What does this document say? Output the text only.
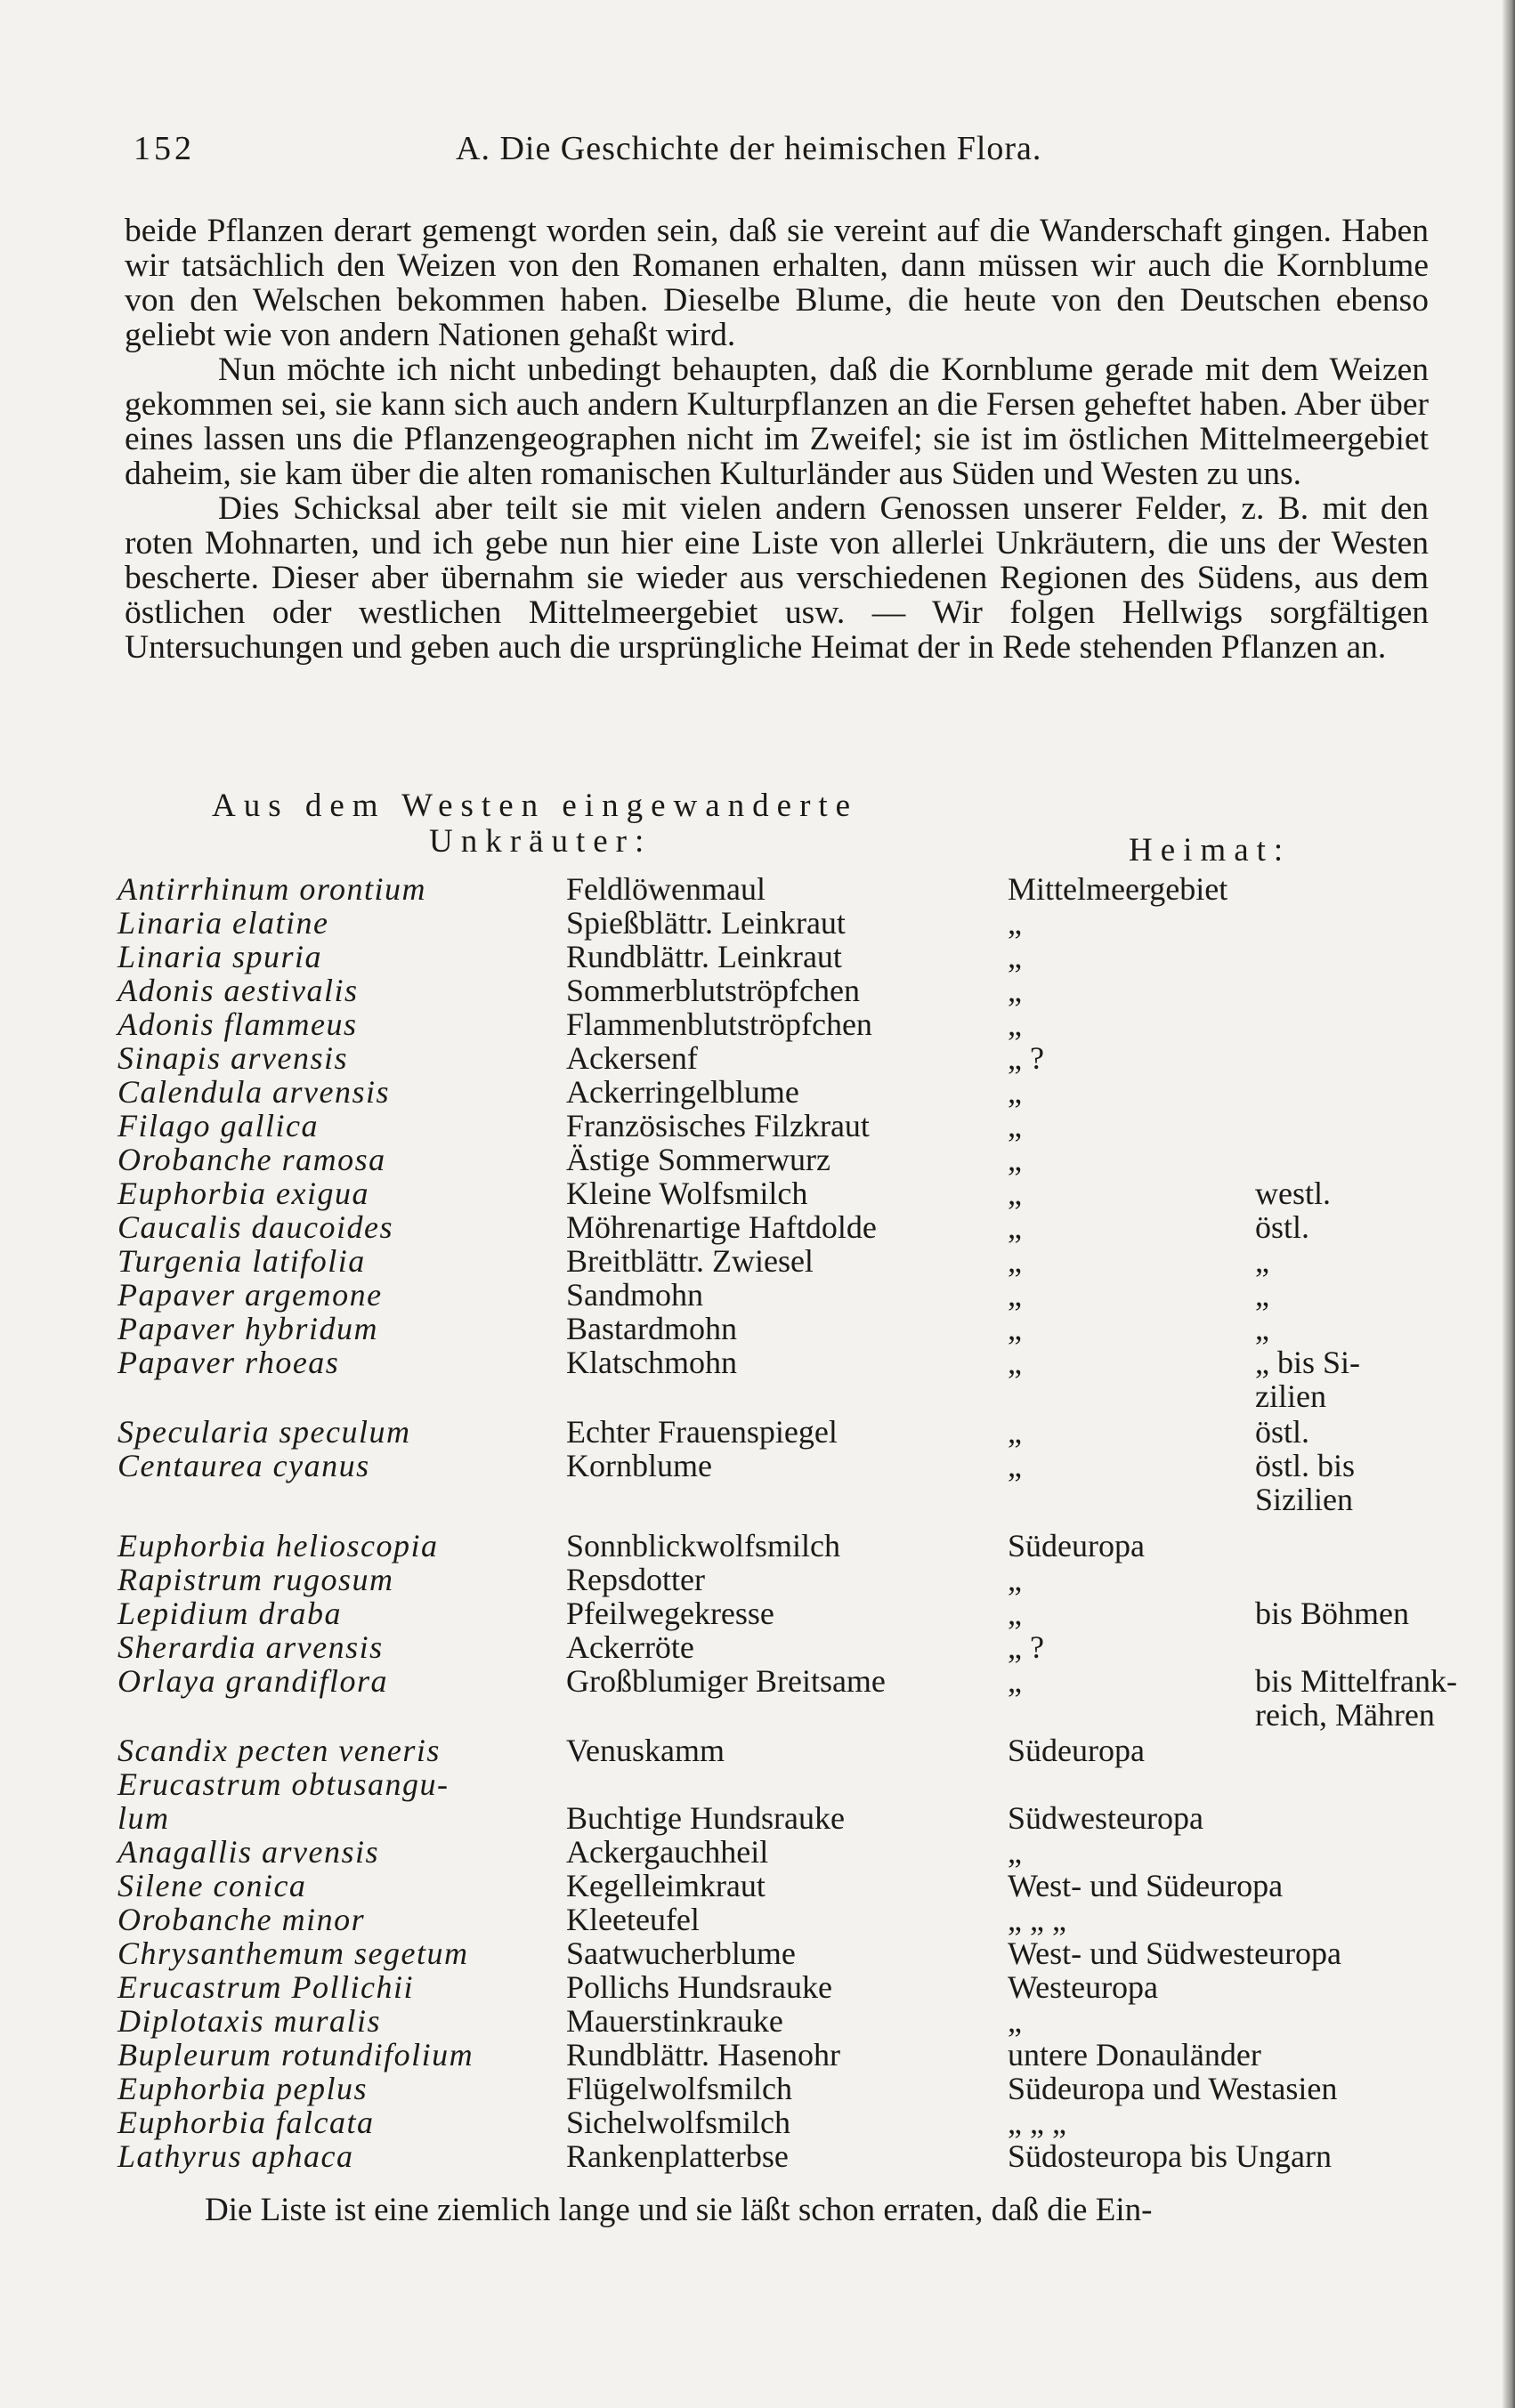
152	A. Die Geschichte der heimischen Flora.

beide Pflanzen derart gemengt worden sein, daß sie vereint auf die Wanderschaft gingen. Haben wir tatsächlich den Weizen von den Romanen erhalten, dann müssen wir auch die Kornblume von den Welschen bekommen haben. Dieselbe Blume, die heute von den Deutschen ebenso geliebt wie von andern Nationen gehaßt wird.

Nun möchte ich nicht unbedingt behaupten, daß die Kornblume gerade mit dem Weizen gekommen sei, sie kann sich auch andern Kulturpflanzen an die Fersen geheftet haben. Aber über eines lassen uns die Pflanzengeographen nicht im Zweifel; sie ist im östlichen Mittelmeergebiet daheim, sie kam über die alten romanischen Kulturländer aus Süden und Westen zu uns.

Dies Schicksal aber teilt sie mit vielen andern Genossen unserer Felder, z. B. mit den roten Mohnarten, und ich gebe nun hier eine Liste von allerlei Unkräutern, die uns der Westen bescherte. Dieser aber übernahm sie wieder aus verschiedenen Regionen des Südens, aus dem östlichen oder westlichen Mittelmeergebiet usw. — Wir folgen Hellwigs sorgfältigen Untersuchungen und geben auch die ursprüngliche Heimat der in Rede stehenden Pflanzen an.

Aus dem Westen eingewanderte
Unkräuter:	Heimat:
Antirrhinum orontium	Feldlöwenmaul	Mittelmeergebiet
Linaria elatine	Spießblättr. Leinkraut	„
Linaria spuria	Rundblättr. Leinkraut	„
Adonis aestivalis	Sommerblutströpfchen	„
Adonis flammeus	Flammenblutströpfchen	„
Sinapis arvensis	Ackersenf	„ ?
Calendula arvensis	Ackerringelblume	„
Filago gallica	Französisches Filzkraut	„
Orobanche ramosa	Ästige Sommerwurz	„
Euphorbia exigua	Kleine Wolfsmilch	„	westl.
Caucalis daucoides	Möhrenartige Haftdolde	„	östl.
Turgenia latifolia	Breitblättr. Zwiesel	„	„
Papaver argemone	Sandmohn	„	„
Papaver hybridum	Bastardmohn	„	„
Papaver rhoeas	Klatschmohn	„	„ bis Si-
zilien
Specularia speculum	Echter Frauenspiegel	„	östl.
Centaurea cyanus	Kornblume	„	östl. bis
Sizilien
Euphorbia helioscopia	Sonnblickwolfsmilch	Südeuropa
Rapistrum rugosum	Repsdotter	„
Lepidium draba	Pfeilwegekresse	„	bis Böhmen
Sherardia arvensis	Ackerröte	„ ?
Orlaya grandiflora	Großblumiger Breitsame	„	bis Mittelfrank-
reich, Mähren
Scandix pecten veneris	Venuskamm	Südeuropa
Erucastrum obtusangu-
lum	Buchtige Hundsrauke	Südwesteuropa
Anagallis arvensis	Ackergauchheil	„
Silene conica	Kegelleimkraut	West- und Südeuropa
Orobanche minor	Kleeteufel	„ „ „
Chrysanthemum segetum	Saatwucherblume	West- und Südwesteuropa
Erucastrum Pollichii	Pollichs Hundsrauke	Westeuropa
Diplotaxis muralis	Mauerstinkrauke	„
Bupleurum rotundifolium	Rundblättr. Hasenohr	untere Donauländer
Euphorbia peplus	Flügelwolfsmilch	Südeuropa und Westasien
Euphorbia falcata	Sichelwolfsmilch	„ „ „
Lathyrus aphaca	Rankenplatterbse	Südosteuropa bis Ungarn
Die Liste ist eine ziemlich lange und sie läßt schon erraten, daß die Ein-
